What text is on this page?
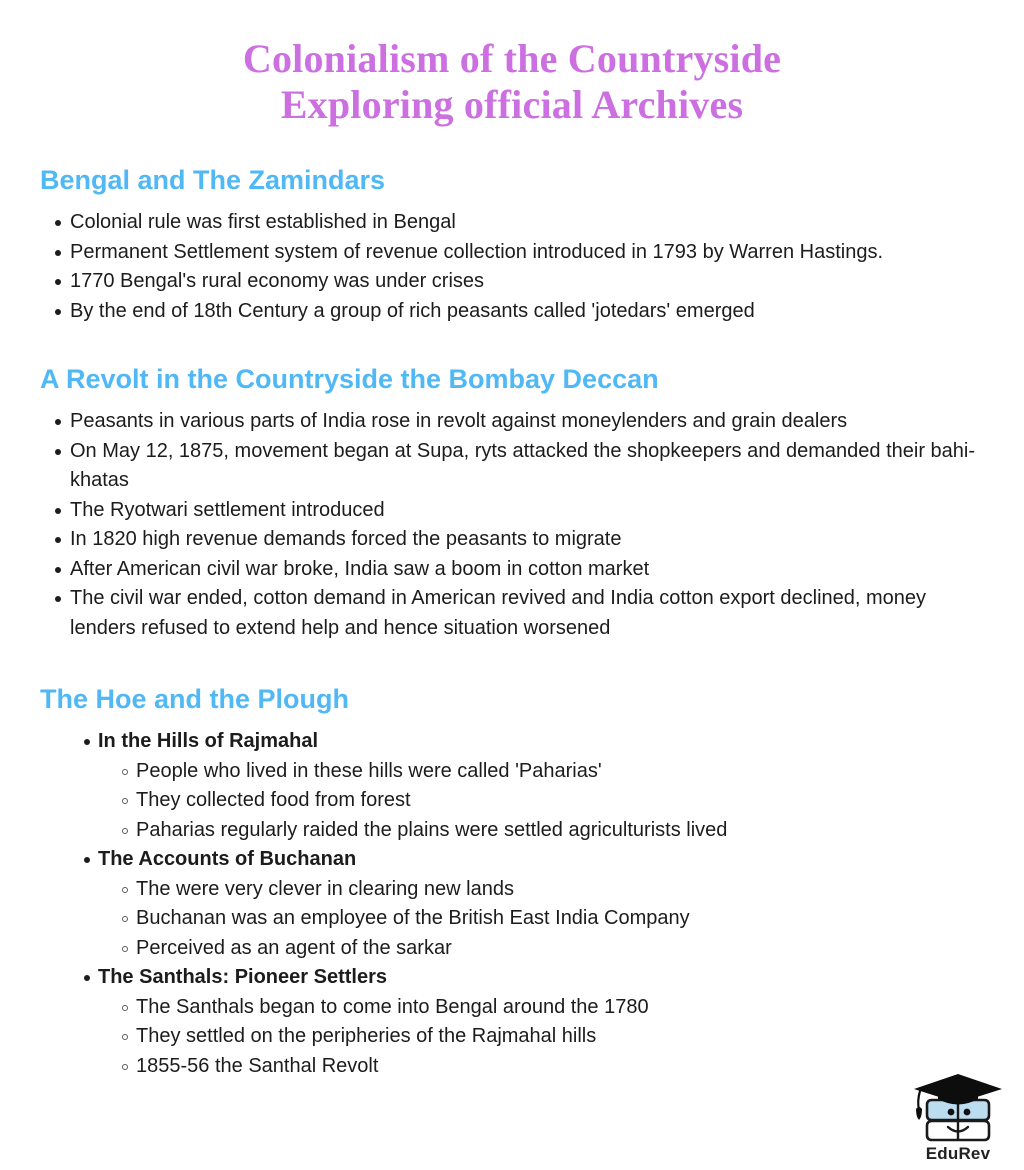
Colonialism of the Countryside
Exploring official Archives
Bengal and The Zamindars
Colonial rule was first established in Bengal
Permanent Settlement system of revenue collection introduced in 1793 by Warren Hastings.
1770 Bengal's rural economy was under crises
By the end of 18th Century a group of rich peasants called 'jotedars' emerged
A Revolt in the Countryside the Bombay Deccan
Peasants in various parts of India rose in revolt against moneylenders and grain dealers
On May 12, 1875, movement began at Supa, ryts attacked the shopkeepers and demanded their bahi-khatas
The Ryotwari settlement introduced
In 1820 high revenue demands forced the peasants to migrate
After American civil war broke, India saw a boom in cotton market
The civil war ended, cotton demand in American revived and India cotton export declined, money lenders refused to extend help and hence situation worsened
The Hoe and the Plough
In the Hills of Rajmahal
People who lived in these hills were called 'Paharias'
They collected food from forest
Paharias regularly raided the plains were settled agriculturists lived
The Accounts of Buchanan
The were very clever in clearing new lands
Buchanan was an employee of the British East India Company
Perceived as an agent of the sarkar
The Santhals: Pioneer Settlers
The Santhals began to come into Bengal around the 1780
They settled on the peripheries of the Rajmahal hills
1855-56 the Santhal Revolt
EduRev
